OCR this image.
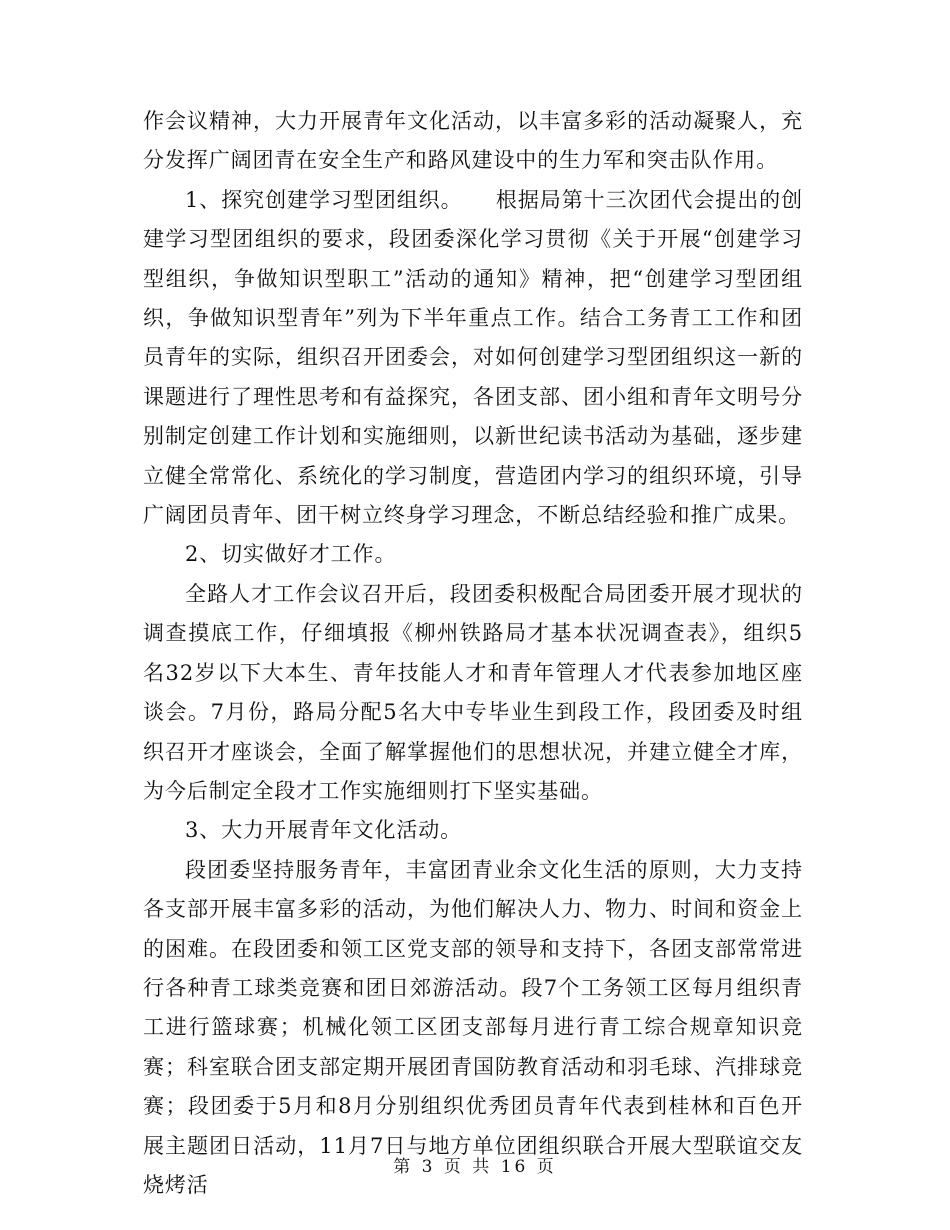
作会议精神，大力开展青年文化活动，以丰富多彩的活动凝聚人，充分发挥广阔团青在安全生产和路风建设中的生力军和突击队作用。

1、探究创建学习型团组织。　　根据局第十三次团代会提出的创建学习型团组织的要求，段团委深化学习贯彻《关于开展“创建学习型组织，争做知识型职工”活动的通知》精神，把“创建学习型团组织，争做知识型青年”列为下半年重点工作。结合工务青工工作和团员青年的实际，组织召开团委会，对如何创建学习型团组织这一新的课题进行了理性思考和有益探究，各团支部、团小组和青年文明号分别制定创建工作计划和实施细则，以新世纪读书活动为基础，逐步建立健全常常化、系统化的学习制度，营造团内学习的组织环境，引导广阔团员青年、团干树立终身学习理念，不断总结经验和推广成果。

2、切实做好才工作。

全路人才工作会议召开后，段团委积极配合局团委开展才现状的调查摸底工作，仔细填报《柳州铁路局才基本状况调查表》，组织5名32岁以下大本生、青年技能人才和青年管理人才代表参加地区座谈会。7月份，路局分配5名大中专毕业生到段工作，段团委及时组织召开才座谈会，全面了解掌握他们的思想状况，并建立健全才库，为今后制定全段才工作实施细则打下坚实基础。

3、大力开展青年文化活动。

段团委坚持服务青年，丰富团青业余文化生活的原则，大力支持各支部开展丰富多彩的活动，为他们解决人力、物力、时间和资金上的困难。在段团委和领工区党支部的领导和支持下，各团支部常常进行各种青工球类竞赛和团日郊游活动。段7个工务领工区每月组织青工进行篮球赛；机械化领工区团支部每月进行青工综合规章知识竞赛；科室联合团支部定期开展团青国防教育活动和羽毛球、汽排球竞赛；段团委于5月和8月分别组织优秀团员青年代表到桂林和百色开展主题团日活动，11月7日与地方单位团组织联合开展大型联谊交友烧烤活

第 3 页 共 16 页
